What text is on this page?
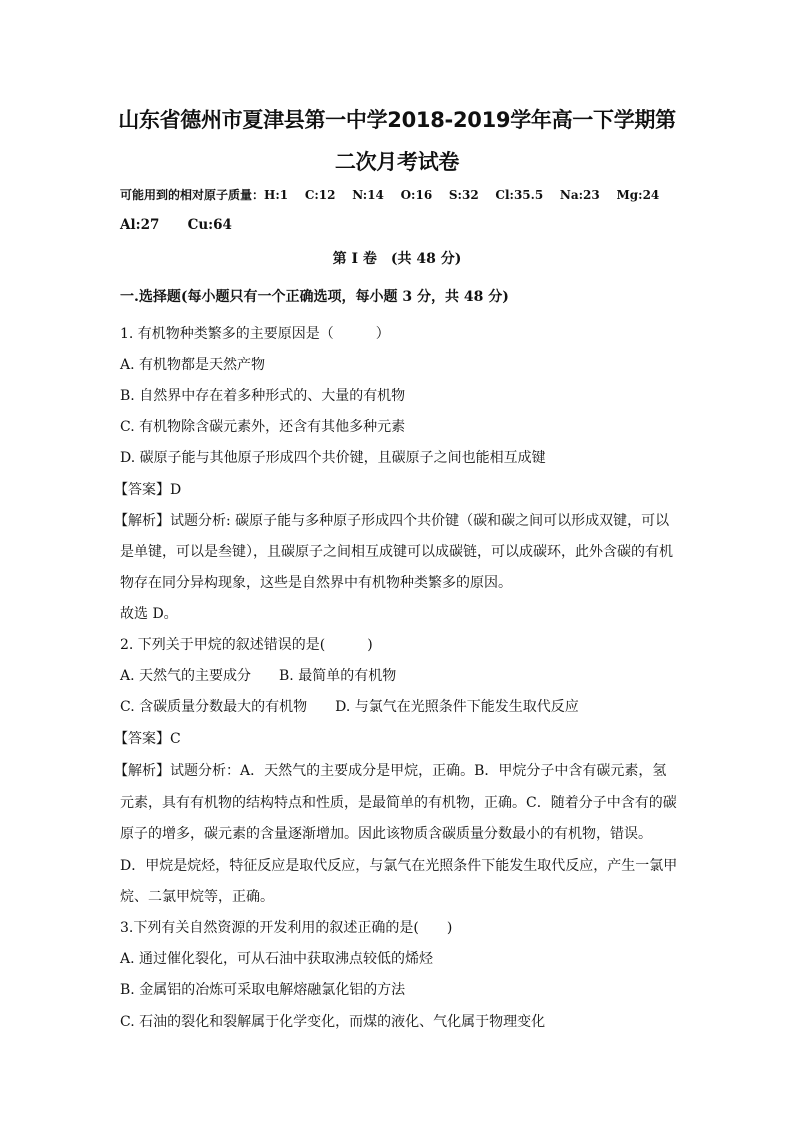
山东省德州市夏津县第一中学2018-2019学年高一下学期第
二次月考试卷
可能用到的相对原子质量：H:1    C:12    N:14    O:16    S:32    Cl:35.5    Na:23    Mg:24
Al:27      Cu:64
第 I 卷　(共 48 分)
一.选择题(每小题只有一个正确选项，每小题 3 分，共 48 分)
1. 有机物种类繁多的主要原因是（　　　）
A. 有机物都是天然产物
B. 自然界中存在着多种形式的、大量的有机物
C. 有机物除含碳元素外，还含有其他多种元素
D. 碳原子能与其他原子形成四个共价键，且碳原子之间也能相互成键
【答案】D
【解析】试题分析: 碳原子能与多种原子形成四个共价键（碳和碳之间可以形成双键，可以
是单键，可以是叁键），且碳原子之间相互成键可以成碳链，可以成碳环，此外含碳的有机
物存在同分异构现象，这些是自然界中有机物种类繁多的原因。
故选 D。
2. 下列关于甲烷的叙述错误的是(　　　)
A. 天然气的主要成分　　B. 最简单的有机物
C. 含碳质量分数最大的有机物　　D. 与氯气在光照条件下能发生取代反应
【答案】C
【解析】试题分析：A．天然气的主要成分是甲烷，正确。B．甲烷分子中含有碳元素，氢
元素，具有有机物的结构特点和性质，是最简单的有机物，正确。C．随着分子中含有的碳
原子的增多，碳元素的含量逐渐增加。因此该物质含碳质量分数最小的有机物，错误。
D．甲烷是烷烃，特征反应是取代反应，与氯气在光照条件下能发生取代反应，产生一氯甲
烷、二氯甲烷等，正确。
3.下列有关自然资源的开发利用的叙述正确的是(　　)
A. 通过催化裂化，可从石油中获取沸点较低的烯烃
B. 金属铝的冶炼可采取电解熔融氯化铝的方法
C. 石油的裂化和裂解属于化学变化，而煤的液化、气化属于物理变化
